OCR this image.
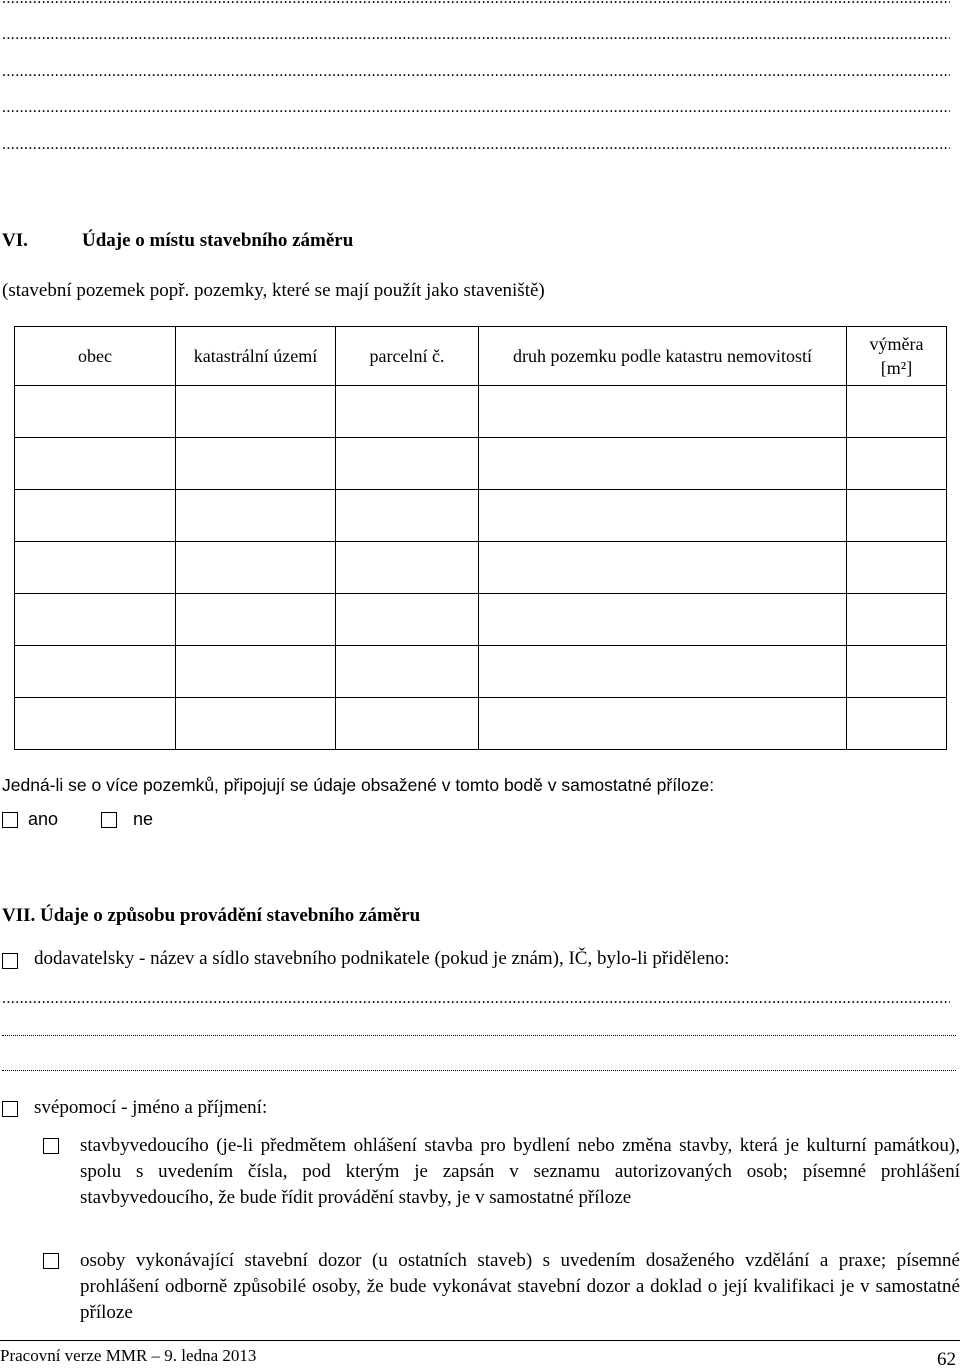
.....
.....
.....
.....
.....
VI.	Údaje o místu stavebního záměru
(stavební pozemek popř. pozemky, které se mají použít jako staveniště)
obec	katastrální území	parcelní č.	druh pozemku podle katastru nemovitostí	výměra
[m²]

Jedná-li se o více pozemků, připojují se údaje obsažené v tomto bodě v samostatné příloze:
ano	ne
VII. Údaje o způsobu provádění stavebního záměru
dodavatelsky - název a sídlo stavebního podnikatele (pokud je znám), IČ, bylo-li přiděleno:
.....
svépomocí - jméno a příjmení:
stavbyvedoucího (je-li předmětem ohlášení stavba pro bydlení nebo změna stavby, která je kulturní památkou), spolu s uvedením čísla, pod kterým je zapsán v seznamu autorizovaných osob; písemné prohlášení stavbyvedoucího, že bude řídit provádění stavby, je v samostatné příloze
osoby vykonávající stavební dozor (u ostatních staveb) s uvedením dosaženého vzdělání a praxe; písemné prohlášení odborně způsobilé osoby, že bude vykonávat stavební dozor a doklad o její kvalifikaci je v samostatné příloze
Pracovní verze MMR – 9. ledna 2013	62
